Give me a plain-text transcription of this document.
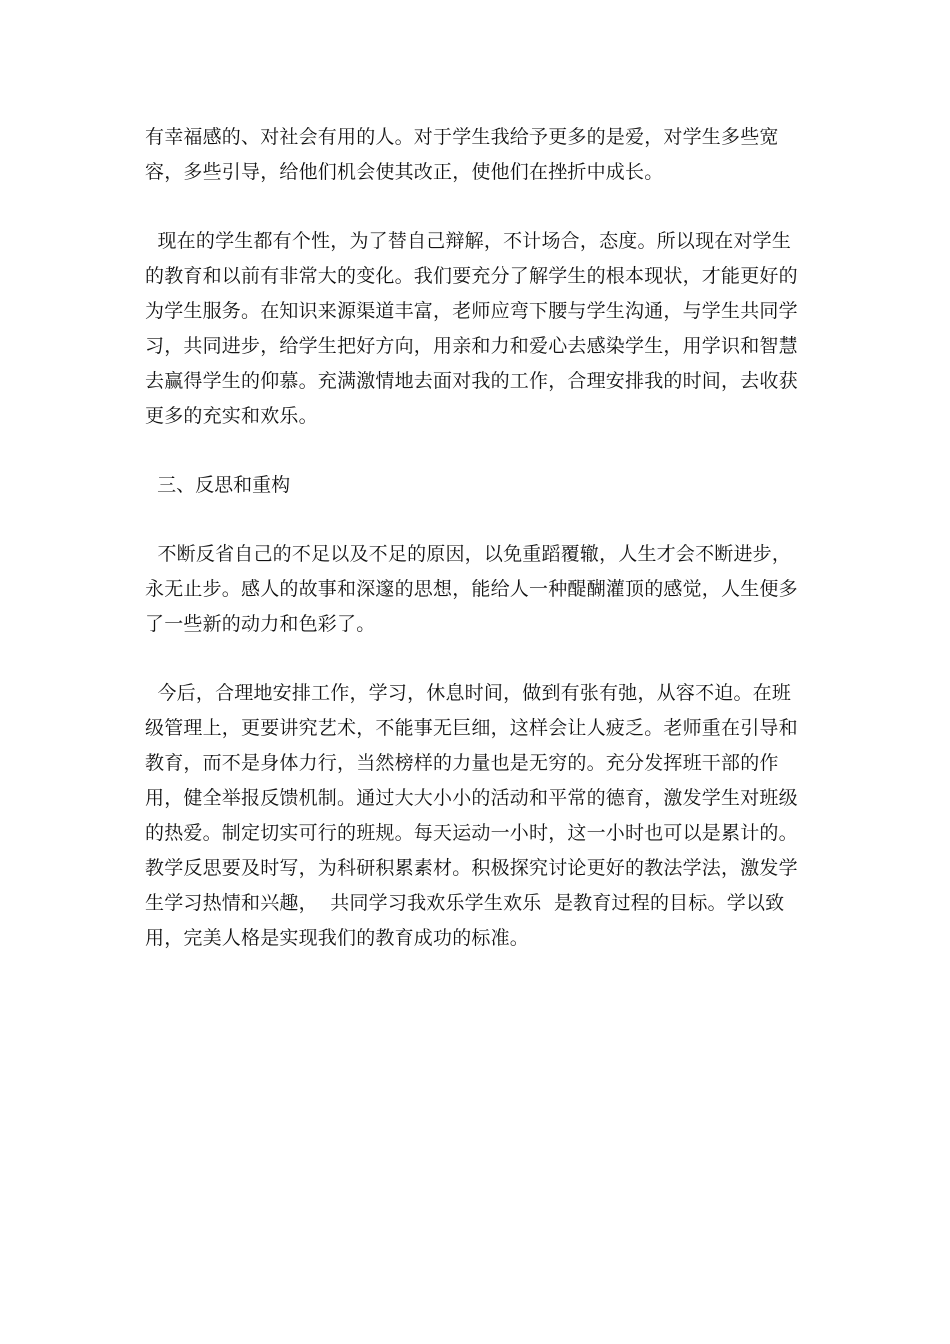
有幸福感的、对社会有用的人。对于学生我给予更多的是爱，对学生多些宽容，多些引导，给他们机会使其改正，使他们在挫折中成长。

现在的学生都有个性，为了替自己辩解，不计场合，态度。所以现在对学生的教育和以前有非常大的变化。我们要充分了解学生的根本现状，才能更好的为学生服务。在知识来源渠道丰富，老师应弯下腰与学生沟通，与学生共同学习，共同进步，给学生把好方向，用亲和力和爱心去感染学生，用学识和智慧去赢得学生的仰慕。充满激情地去面对我的工作，合理安排我的时间，去收获更多的充实和欢乐。

三、反思和重构

不断反省自己的不足以及不足的原因，以免重蹈覆辙，人生才会不断进步，永无止步。感人的故事和深邃的思想，能给人一种醍醐灌顶的感觉，人生便多了一些新的动力和色彩了。

今后，合理地安排工作，学习，休息时间，做到有张有弛，从容不迫。在班级管理上，更要讲究艺术，不能事无巨细，这样会让人疲乏。老师重在引导和教育，而不是身体力行，当然榜样的力量也是无穷的。充分发挥班干部的作用，健全举报反馈机制。通过大大小小的活动和平常的德育，激发学生对班级的热爱。制定切实可行的班规。每天运动一小时，这一小时也可以是累计的。教学反思要及时写，为科研积累素材。积极探究讨论更好的教法学法，激发学生学习热情和兴趣，  共同学习我欢乐学生欢乐  是教育过程的目标。学以致用，完美人格是实现我们的教育成功的标准。
